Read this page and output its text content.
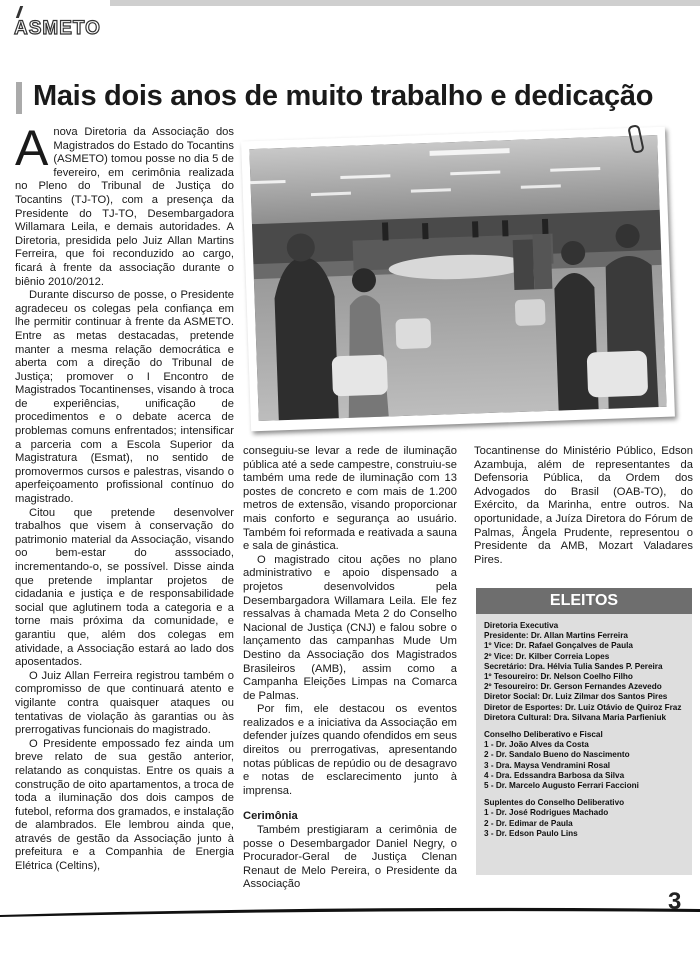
ASMETO
Mais dois anos de muito trabalho e dedicação

Anova Diretoria da Associação dos Magistrados do Estado do Tocantins (ASMETO) tomou posse no dia 5 de fevereiro, em cerimônia realizada no Pleno do Tribunal de Justiça do Tocantins (TJ-TO), com a presença da Presidente do TJ-TO, Desembargadora Willamara Leila, e demais autoridades. A Diretoria, presidida pelo Juiz Allan Martins Ferreira, que foi reconduzido ao cargo, ficará à frente da associação durante o biênio 2010/2012.

Durante discurso de posse, o Presidente agradeceu os colegas pela confiança em lhe permitir continuar à frente da ASMETO. Entre as metas destacadas, pretende manter a mesma relação democrática e aberta com a direção do Tribunal de Justiça; promover o I Encontro de Magistrados Tocantinenses, visando à troca de experiências, unificação de procedimentos e o debate acerca de problemas comuns enfrentados; intensificar a parceria com a Escola Superior da Magistratura (Esmat), no sentido de promovermos cursos e palestras, visando o aperfeiçoamento profissional contínuo do magistrado.

Citou que pretende desenvolver trabalhos que visem à conservação do patrimonio material da Associação, visando oo bem-estar do asssociado, incrementando-o, se possível. Disse ainda que pretende implantar projetos de cidadania e justiça e de responsabilidade social que aglutinem toda a categoria e a torne mais próxima da comunidade, e garantiu que, além dos colegas em atividade, a Associação estará ao lado dos aposentados.

O Juiz Allan Ferreira registrou também o compromisso de que continuará atento e vigilante contra quaisquer ataques ou tentativas de violação às garantias ou às prerrogativas funcionais do magistrado.

O Presidente empossado fez ainda um breve relato de sua gestão anterior, relatando as conquistas. Entre os quais a construção de oito apartamentos, a troca de toda a iluminação dos dois campos de futebol, reforma dos gramados, e instalação de alambrados. Ele lembrou ainda que, através de gestão da Associação junto à prefeitura e a Companhia de Energia Elétrica (Celtins),

conseguiu-se levar a rede de iluminação pública até a sede campestre, construiu-se também uma rede de iluminação com 13 postes de concreto e com mais de 1.200 metros de extensão, visando proporcionar mais conforto e segurança ao usuário. Também foi reformada e reativada a sauna e sala de ginástica.

O magistrado citou ações no plano administrativo e apoio dispensado a projetos desenvolvidos pela Desembargadora Willamara Leila. Ele fez ressalvas à chamada Meta 2 do Conselho Nacional de Justiça (CNJ) e falou sobre o lançamento das campanhas Mude Um Destino da Associação dos Magistrados Brasileiros (AMB), assim como a Campanha Eleições Limpas na Comarca de Palmas.

Por fim, ele destacou os eventos realizados e a iniciativa da Associação em defender juízes quando ofendidos em seus direitos ou prerrogativas, apresentando notas públicas de repúdio ou de desagravo e notas de esclarecimento junto à imprensa.

Cerimônia

Também prestigiaram a cerimônia de posse o Desembargador Daniel Negry, o Procurador-Geral de Justiça Clenan Renaut de Melo Pereira, o Presidente da Associação

Tocantinense do Ministério Público, Edson Azambuja, além de representantes da Defensoria Pública, da Ordem dos Advogados do Brasil (OAB-TO), do Exército, da Marinha, entre outros. Na oportunidade, a Juíza Diretora do Fórum de Palmas, Ângela Prudente, representou o Presidente da AMB, Mozart Valadares Pires.

ELEITOS
Diretoria Executiva
Presidente: Dr. Allan Martins Ferreira
1º Vice: Dr. Rafael Gonçalves de Paula
2º Vice: Dr. Kilber Correia Lopes
Secretário: Dra. Hélvia Tulia Sandes P. Pereira
1º Tesoureiro: Dr. Nelson Coelho Filho
2º Tesoureiro: Dr. Gerson Fernandes Azevedo
Diretor Social: Dr. Luiz Zilmar dos Santos Pires
Diretor de Esportes: Dr. Luiz Otávio de Quiroz Fraz
Diretora Cultural: Dra. Silvana Maria Parfieniuk
Conselho Deliberativo e Fiscal
1 - Dr. João Alves da Costa
2 - Dr. Sandalo Bueno do Nascimento
3 - Dra. Maysa Vendramini Rosal
4 - Dra. Edssandra Barbosa da Silva
5 - Dr. Marcelo Augusto Ferrari Faccioni
Suplentes do Conselho Deliberativo
1 - Dr. José Rodrigues Machado
2 - Dr. Edimar de Paula
3 - Dr. Edson Paulo Lins
3
